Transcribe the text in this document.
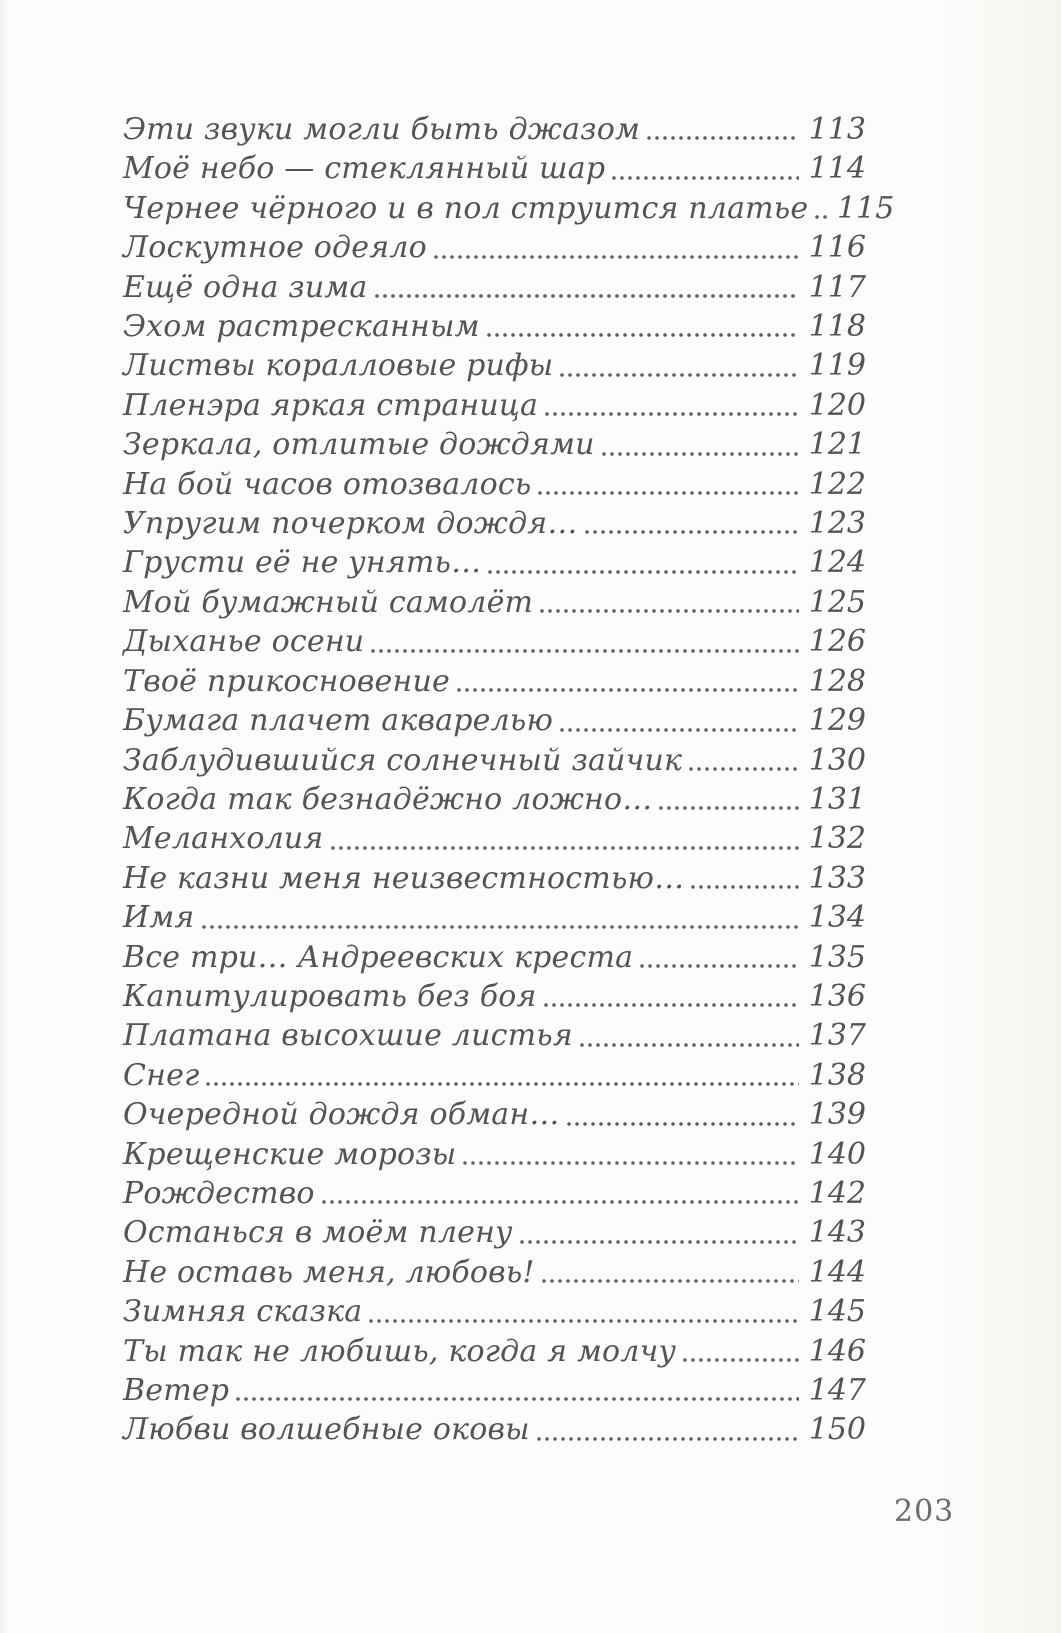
Эти звуки могли быть джазом	113
Моё небо — стеклянный шар	114
Чернее чёрного и в пол струится платье 115
Лоскутное одеяло	116
Ещё одна зима	117
Эхом растресканным	118
Листвы коралловые рифы	119
Пленэра яркая страница	120
Зеркала, отлитые дождями	121
На бой часов отозвалось	122
Упругим почерком дождя…	123
Грусти её не унять…	124
Мой бумажный самолёт	125
Дыханье осени	126
Твоё прикосновение	128
Бумага плачет акварелью	129
Заблудившийся солнечный зайчик	130
Когда так безнадёжно ложно…	131
Меланхолия	132
Не казни меня неизвестностью…	133
Имя	134
Все три… Андреевских креста	135
Капитулировать без боя	136
Платана высохшие листья	137
Снег	138
Очередной дождя обман…	139
Крещенские морозы	140
Рождество	142
Останься в моём плену	143
Не оставь меня, любовь!	144
Зимняя сказка	145
Ты так не любишь, когда я молчу	146
Ветер	147
Любви волшебные оковы	150
203
